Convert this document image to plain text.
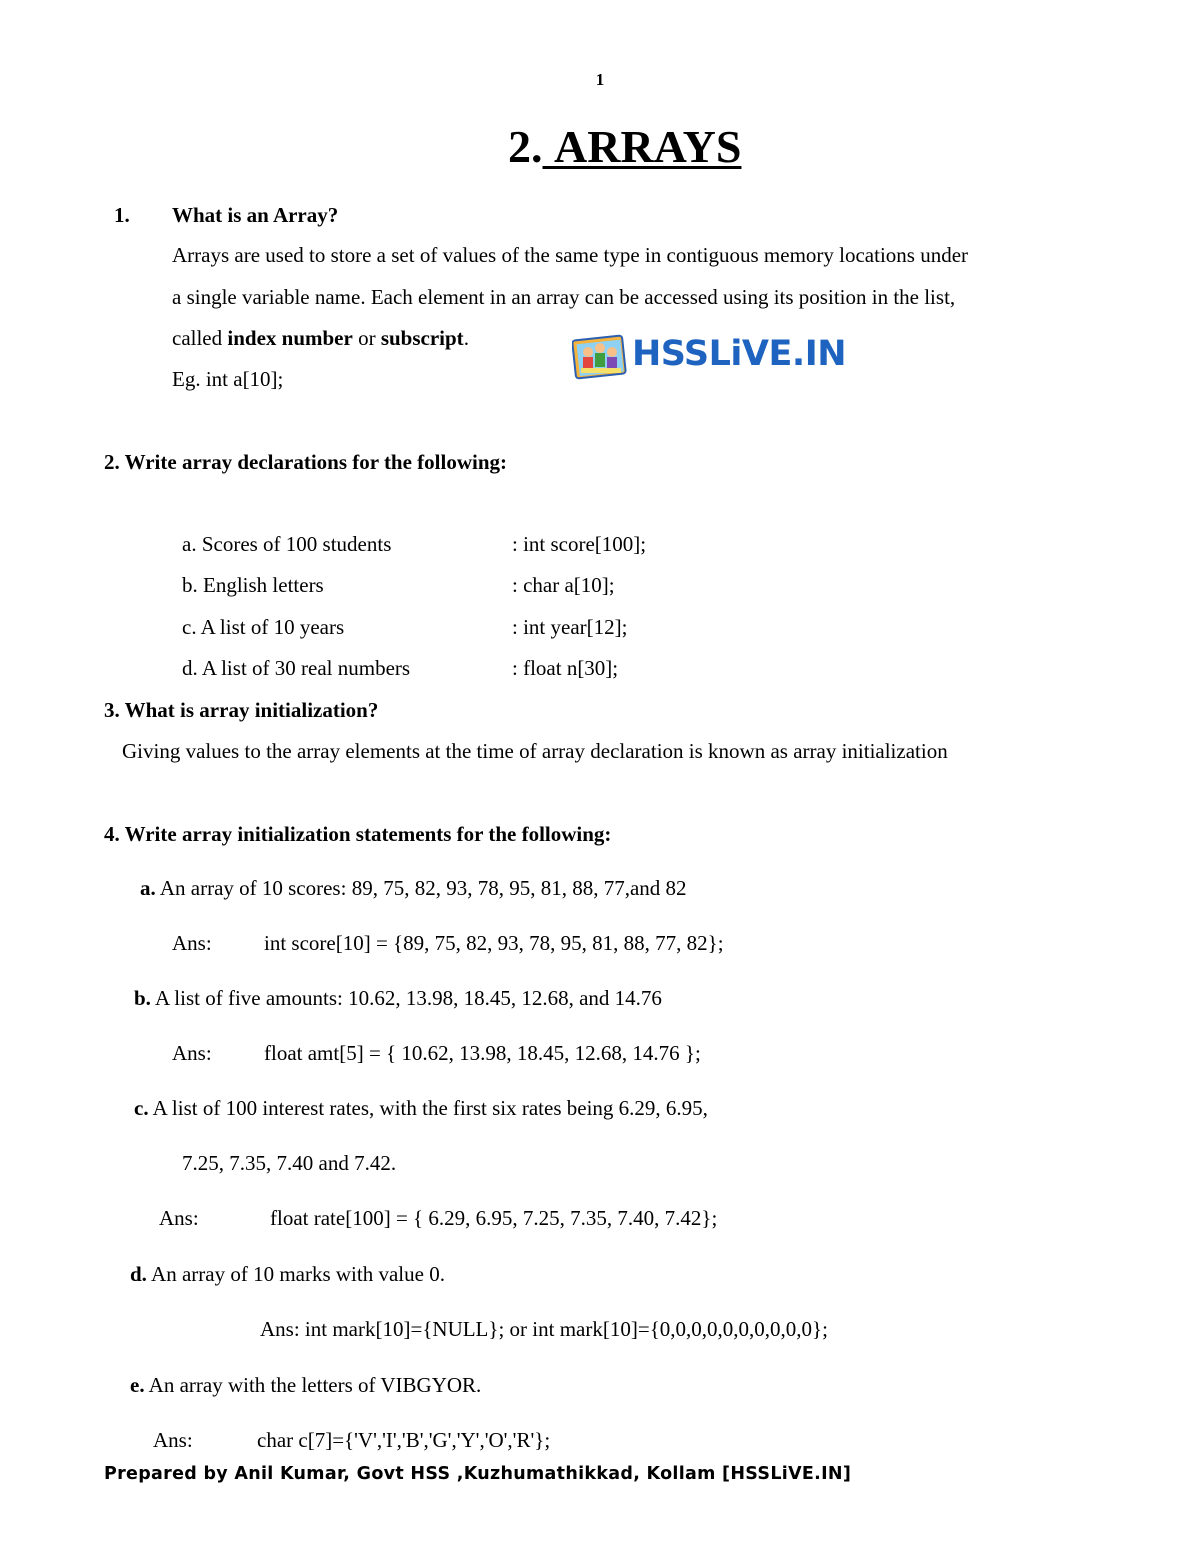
1
2. ARRAYS
1. What is an Array?
Arrays are used to store a set of values of the same type in contiguous memory locations under
a single variable name. Each element in an array can be accessed using its position in the list,
called index number or subscript.
Eg. int a[10];
HSSLiVE.IN
2. Write array declarations for the following:
a. Scores of 100 students	: int score[100];
b. English letters	: char a[10];
c. A list of 10 years	: int year[12];
d. A list of 30 real numbers	: float n[30];
3. What is array initialization?
Giving values to the array elements at the time of array declaration is known as array initialization
4. Write array initialization statements for the following:
a. An array of 10 scores: 89, 75, 82, 93, 78, 95, 81, 88, 77,and 82
Ans: int score[10] = {89, 75, 82, 93, 78, 95, 81, 88, 77, 82};
b. A list of five amounts: 10.62, 13.98, 18.45, 12.68, and 14.76
Ans: float amt[5] = { 10.62, 13.98, 18.45, 12.68, 14.76 };
c. A list of 100 interest rates, with the first six rates being 6.29, 6.95,
7.25, 7.35, 7.40 and 7.42.
Ans:	float rate[100] = { 6.29, 6.95, 7.25, 7.35, 7.40, 7.42};
d. An array of 10 marks with value 0.
Ans: int mark[10]={NULL}; or int mark[10]={0,0,0,0,0,0,0,0,0,0};
e. An array with the letters of VIBGYOR.
Ans:	char c[7]={'V','I','B','G','Y','O','R'};
Prepared by Anil Kumar, Govt HSS ,Kuzhumathikkad, Kollam [HSSLiVE.IN]
